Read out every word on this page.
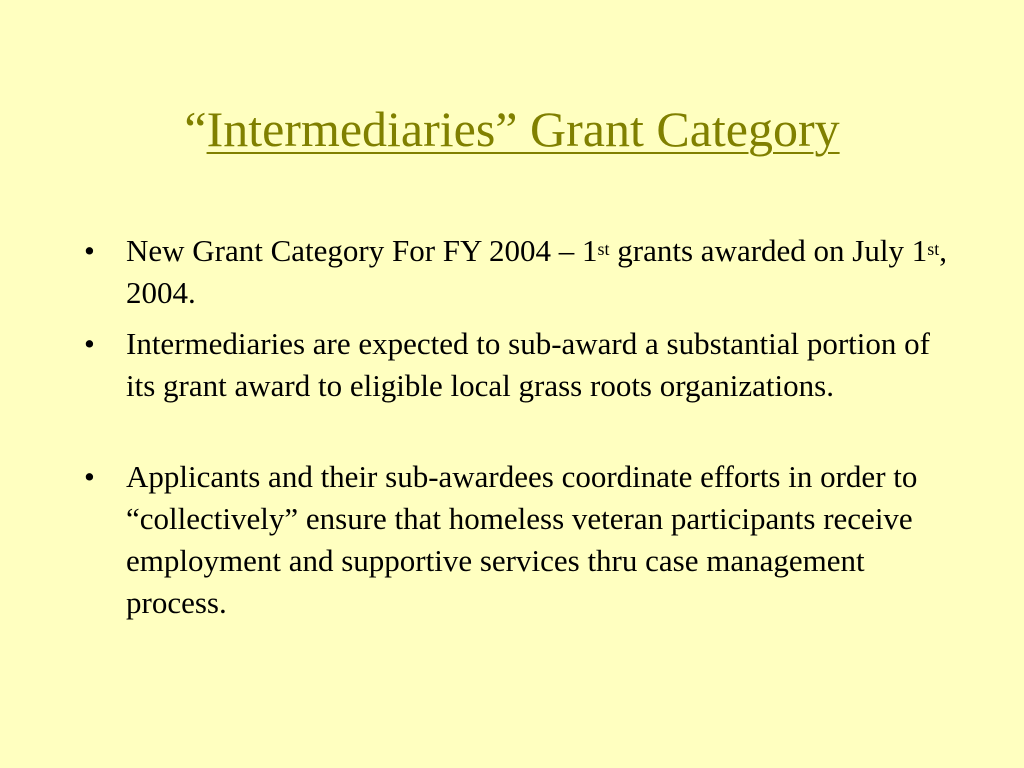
“Intermediaries” Grant Category
• New Grant Category For FY 2004 – 1st grants awarded on July 1st, 2004.
• Intermediaries are expected to sub-award a substantial portion of its grant award to eligible local grass roots organizations.
• Applicants and their sub-awardees coordinate efforts in order to “collectively” ensure that homeless veteran participants receive employment and supportive services thru case management process.
